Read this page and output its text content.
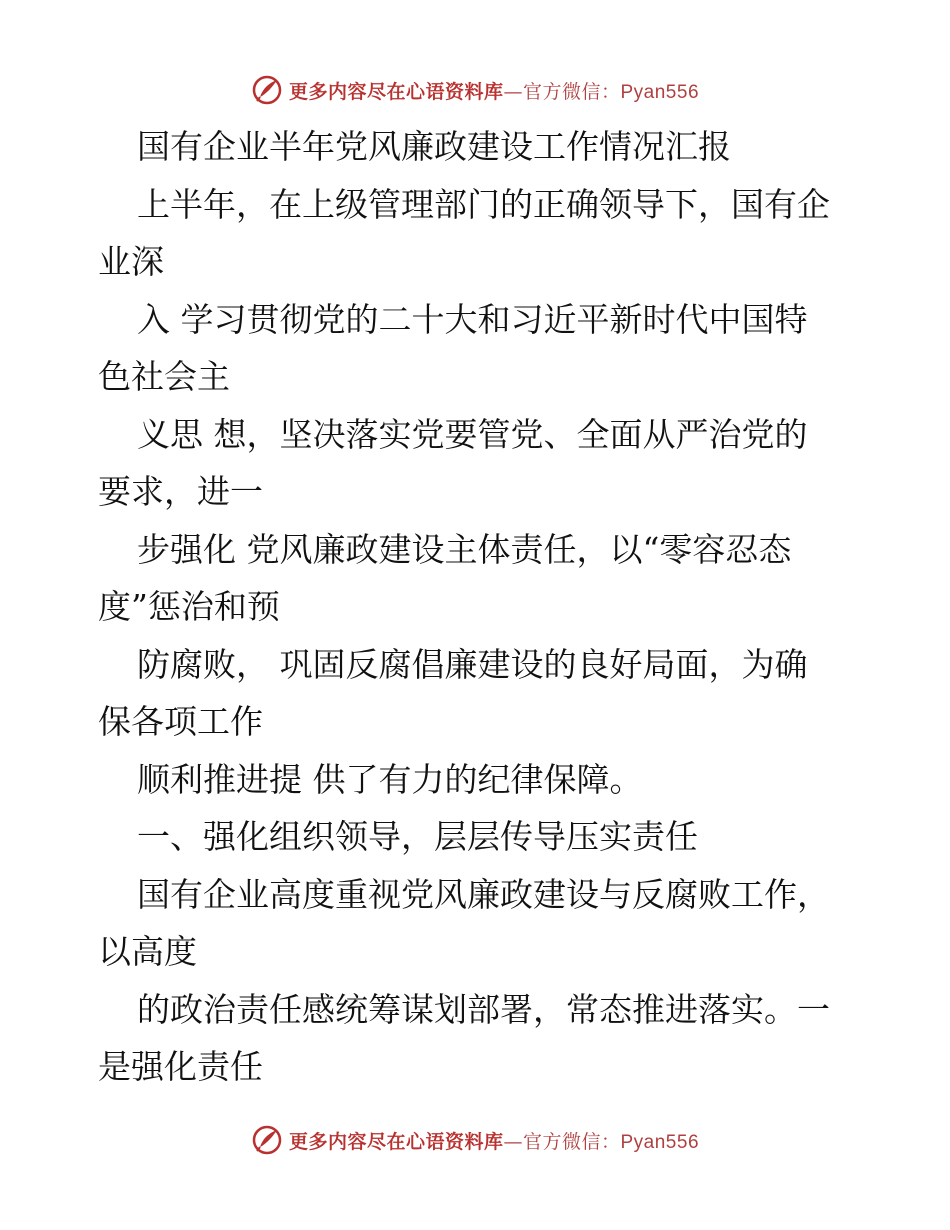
更多内容尽在心语资料库—官方微信：Pyan556
国有企业半年党风廉政建设工作情况汇报
上半年，在上级管理部门的正确领导下，国有企
业深
入 学习贯彻党的二十大和习近平新时代中国特
色社会主
义思 想，坚决落实党要管党、全面从严治党的
要求，进一
步强化 党风廉政建设主体责任，以“零容忍态
度”惩治和预
防腐败， 巩固反腐倡廉建设的良好局面，为确
保各项工作
顺利推进提 供了有力的纪律保障。
一、强化组织领导，层层传导压实责任
国有企业高度重视党风廉政建设与反腐败工作，
以高度
的政治责任感统筹谋划部署，常态推进落实。一
是强化责任
更多内容尽在心语资料库—官方微信：Pyan556
